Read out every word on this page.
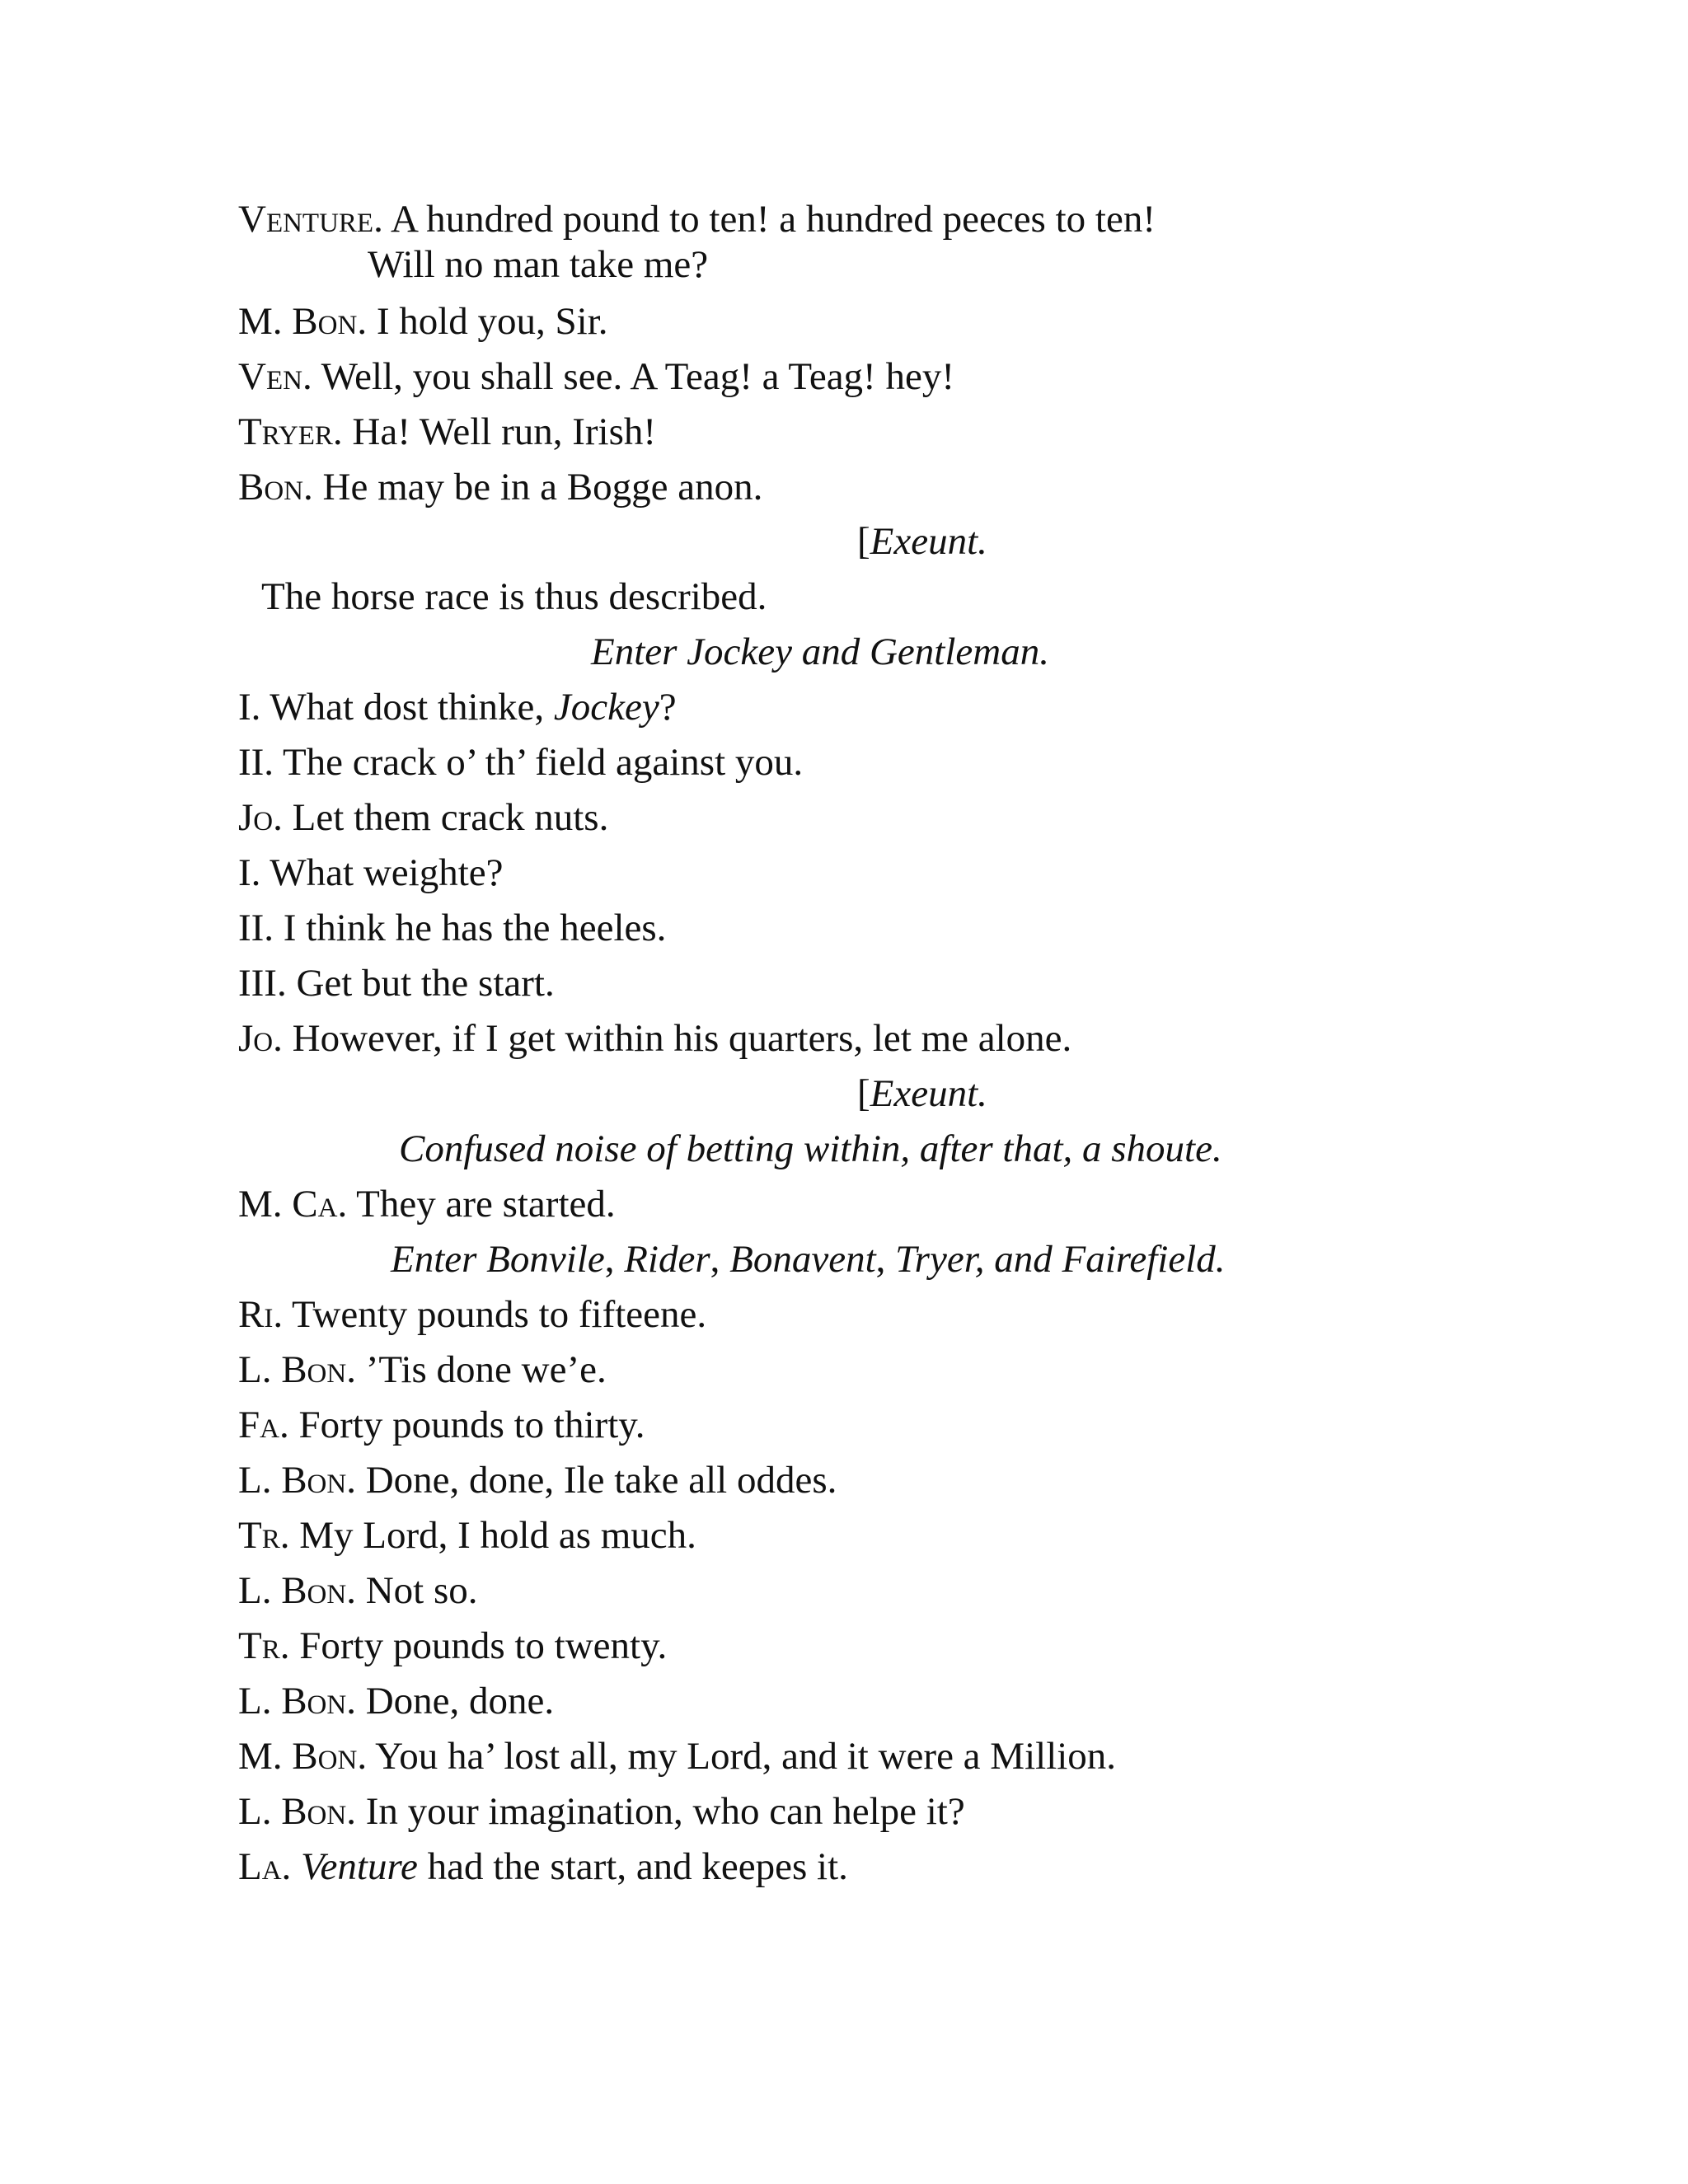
Venture. A hundred pound to ten! a hundred peeces to ten!
Will no man take me?
M. Bon. I hold you, Sir.
Ven. Well, you shall see. A Teag! a Teag! hey!
Tryer. Ha! Well run, Irish!
Bon. He may be in a Bogge anon.
[Exeunt.
The horse race is thus described.
Enter Jockey and Gentleman.
I. What dost thinke, Jockey?
II. The crack o’ th’ field against you.
Jo. Let them crack nuts.
I. What weighte?
II. I think he has the heeles.
III. Get but the start.
Jo. However, if I get within his quarters, let me alone.
[Exeunt.
Confused noise of betting within, after that, a shoute.
M. Ca. They are started.
Enter Bonvile, Rider, Bonavent, Tryer, and Fairefield.
Ri. Twenty pounds to fifteene.
L. Bon. ’Tis done we’e.
Fa. Forty pounds to thirty.
L. Bon. Done, done, Ile take all oddes.
Tr. My Lord, I hold as much.
L. Bon. Not so.
Tr. Forty pounds to twenty.
L. Bon. Done, done.
M. Bon. You ha’ lost all, my Lord, and it were a Million.
L. Bon. In your imagination, who can helpe it?
La. Venture had the start, and keepes it.
